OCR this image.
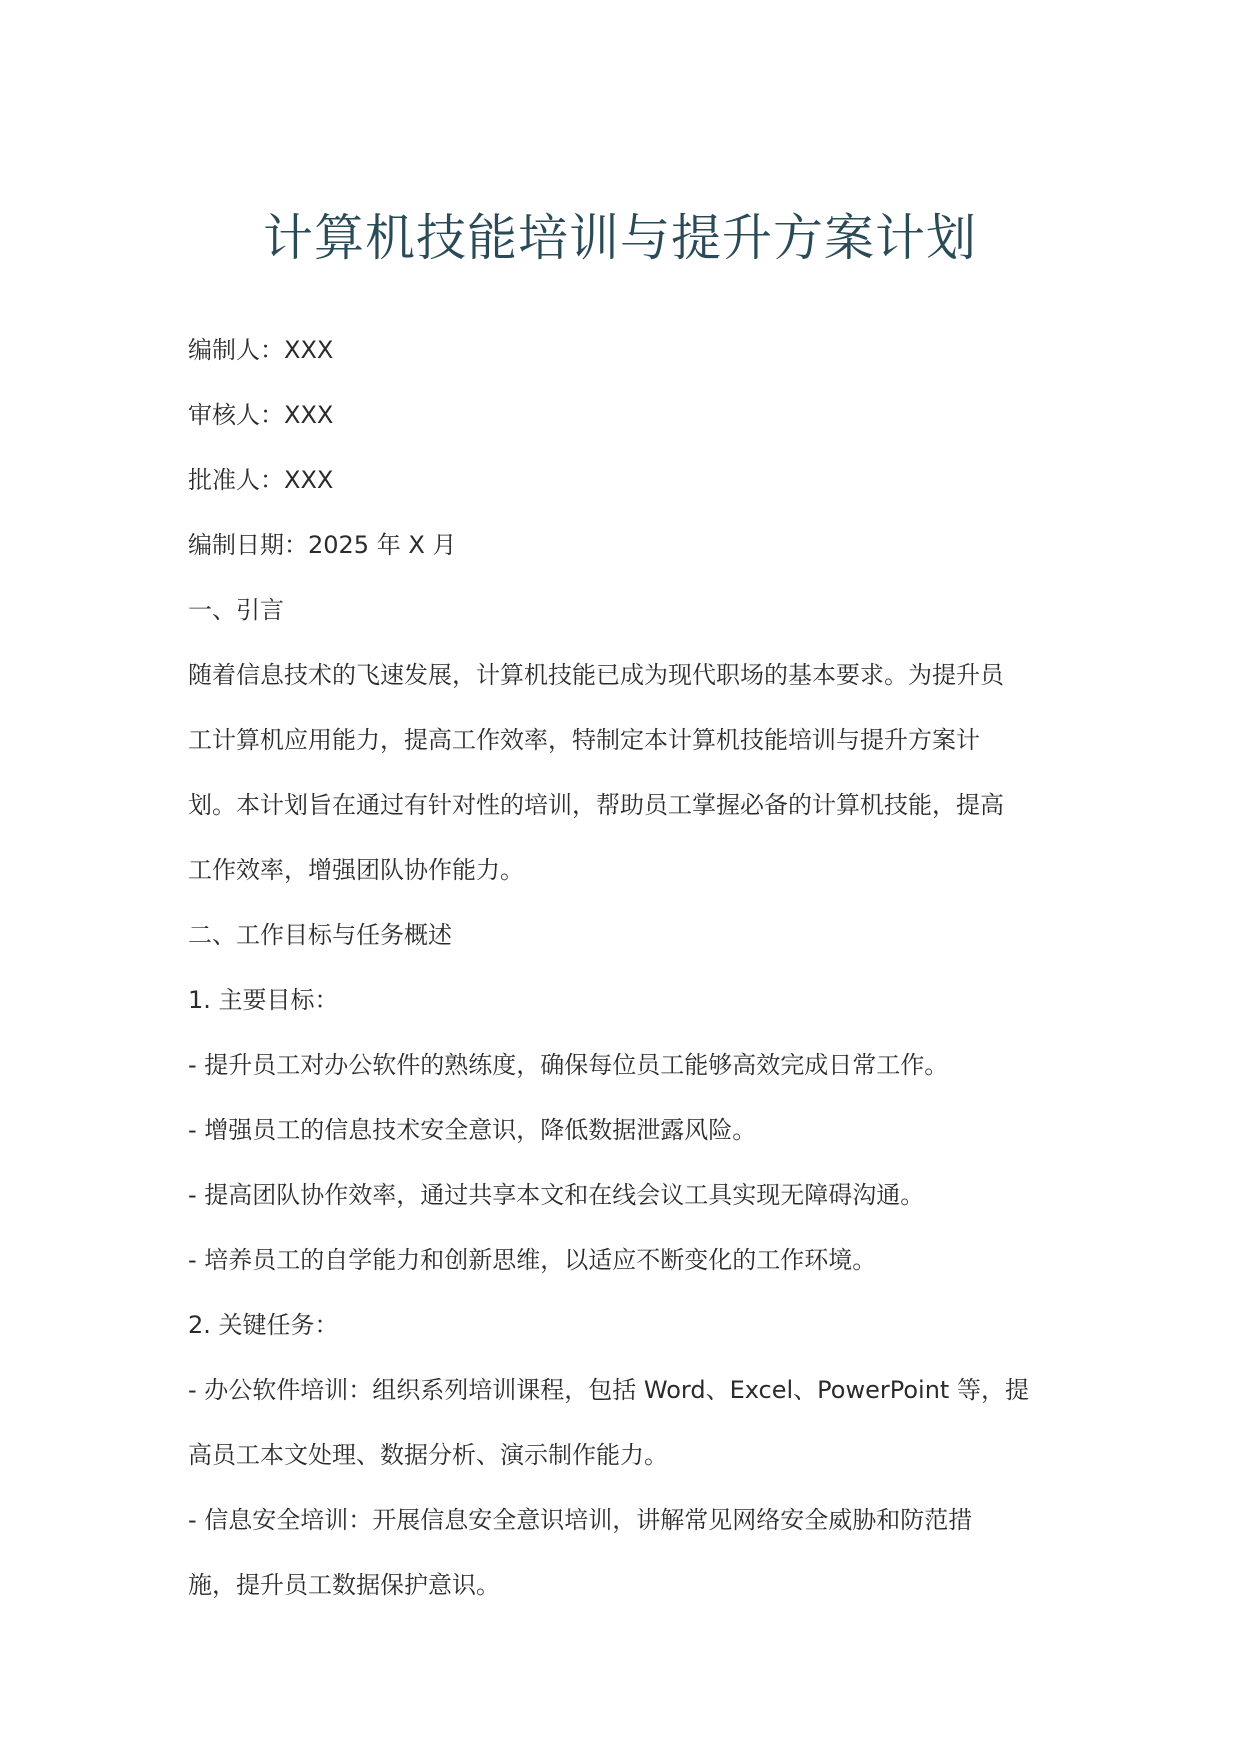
计算机技能培训与提升方案计划
编制人：XXX
审核人：XXX
批准人：XXX
编制日期：2025 年 X 月
一、引言
随着信息技术的飞速发展，计算机技能已成为现代职场的基本要求。为提升员
工计算机应用能力，提高工作效率，特制定本计算机技能培训与提升方案计
划。本计划旨在通过有针对性的培训，帮助员工掌握必备的计算机技能，提高
工作效率，增强团队协作能力。
二、工作目标与任务概述
1. 主要目标：
- 提升员工对办公软件的熟练度，确保每位员工能够高效完成日常工作。
- 增强员工的信息技术安全意识，降低数据泄露风险。
- 提高团队协作效率，通过共享本文和在线会议工具实现无障碍沟通。
- 培养员工的自学能力和创新思维，以适应不断变化的工作环境。
2. 关键任务：
- 办公软件培训：组织系列培训课程，包括 Word、Excel、PowerPoint 等，提
高员工本文处理、数据分析、演示制作能力。
- 信息安全培训：开展信息安全意识培训，讲解常见网络安全威胁和防范措
施，提升员工数据保护意识。
